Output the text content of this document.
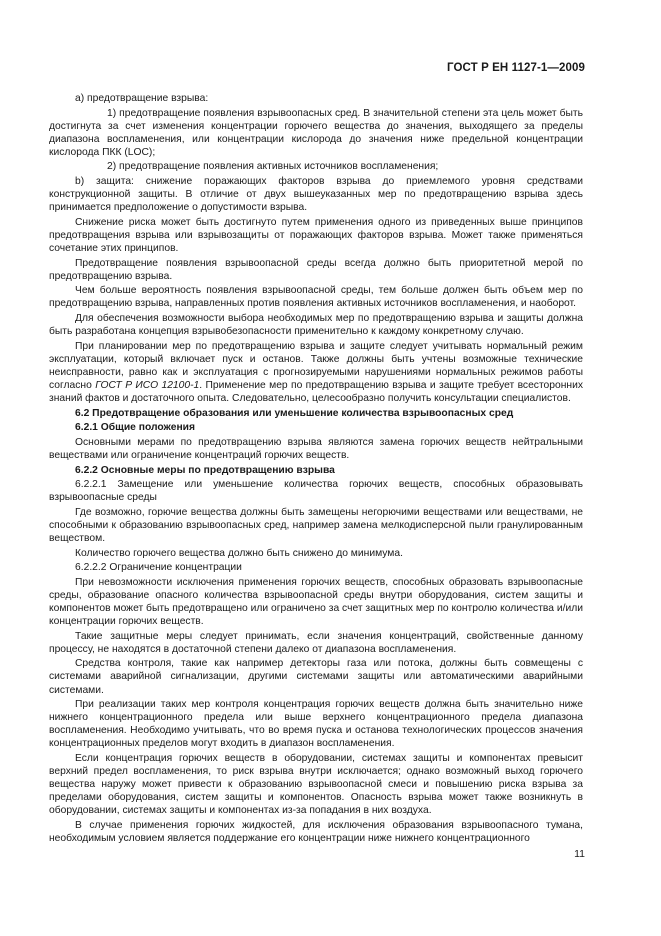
ГОСТ Р ЕН 1127-1—2009
a) предотвращение взрыва:
1) предотвращение появления взрывоопасных сред. В значительной степени эта цель может быть достигнута за счет изменения концентрации горючего вещества до значения, выходящего за пределы диапазона воспламенения, или концентрации кислорода до значения ниже предельной концентрации кислорода ПКК (LOC);
2) предотвращение появления активных источников воспламенения;
b) защита: снижение поражающих факторов взрыва до приемлемого уровня средствами конструкционной защиты. В отличие от двух вышеуказанных мер по предотвращению взрыва здесь принимается предположение о допустимости взрыва.
Снижение риска может быть достигнуто путем применения одного из приведенных выше принципов предотвращения взрыва или взрывозащиты от поражающих факторов взрыва. Может также применяться сочетание этих принципов.
Предотвращение появления взрывоопасной среды всегда должно быть приоритетной мерой по предотвращению взрыва.
Чем больше вероятность появления взрывоопасной среды, тем больше должен быть объем мер по предотвращению взрыва, направленных против появления активных источников воспламенения, и наоборот.
Для обеспечения возможности выбора необходимых мер по предотвращению взрыва и защиты должна быть разработана концепция взрывобезопасности применительно к каждому конкретному случаю.
При планировании мер по предотвращению взрыва и защите следует учитывать нормальный режим эксплуатации, который включает пуск и останов. Также должны быть учтены возможные технические неисправности, равно как и эксплуатация с прогнозируемыми нарушениями нормальных режимов работы согласно ГОСТ Р ИСО 12100-1. Применение мер по предотвращению взрыва и защите требует всесторонних знаний фактов и достаточного опыта. Следовательно, целесообразно получить консультации специалистов.
6.2 Предотвращение образования или уменьшение количества взрывоопасных сред
6.2.1 Общие положения
Основными мерами по предотвращению взрыва являются замена горючих веществ нейтральными веществами или ограничение концентраций горючих веществ.
6.2.2 Основные меры по предотвращению взрыва
6.2.2.1 Замещение или уменьшение количества горючих веществ, способных образовывать взрывоопасные среды
Где возможно, горючие вещества должны быть замещены негорючими веществами или веществами, не способными к образованию взрывоопасных сред, например замена мелкодисперсной пыли гранулированным веществом.
Количество горючего вещества должно быть снижено до минимума.
6.2.2.2 Ограничение концентрации
При невозможности исключения применения горючих веществ, способных образовать взрывоопасные среды, образование опасного количества взрывоопасной среды внутри оборудования, систем защиты и компонентов может быть предотвращено или ограничено за счет защитных мер по контролю количества и/или концентрации горючих веществ.
Такие защитные меры следует принимать, если значения концентраций, свойственные данному процессу, не находятся в достаточной степени далеко от диапазона воспламенения.
Средства контроля, такие как например детекторы газа или потока, должны быть совмещены с системами аварийной сигнализации, другими системами защиты или автоматическими аварийными системами.
При реализации таких мер контроля концентрация горючих веществ должна быть значительно ниже нижнего концентрационного предела или выше верхнего концентрационного предела диапазона воспламенения. Необходимо учитывать, что во время пуска и останова технологических процессов значения концентрационных пределов могут входить в диапазон воспламенения.
Если концентрация горючих веществ в оборудовании, системах защиты и компонентах превысит верхний предел воспламенения, то риск взрыва внутри исключается; однако возможный выход горючего вещества наружу может привести к образованию взрывоопасной смеси и повышению риска взрыва за пределами оборудования, систем защиты и компонентов. Опасность взрыва может также возникнуть в оборудовании, системах защиты и компонентах из-за попадания в них воздуха.
В случае применения горючих жидкостей, для исключения образования взрывоопасного тумана, необходимым условием является поддержание его концентрации ниже нижнего концентрационного
11
